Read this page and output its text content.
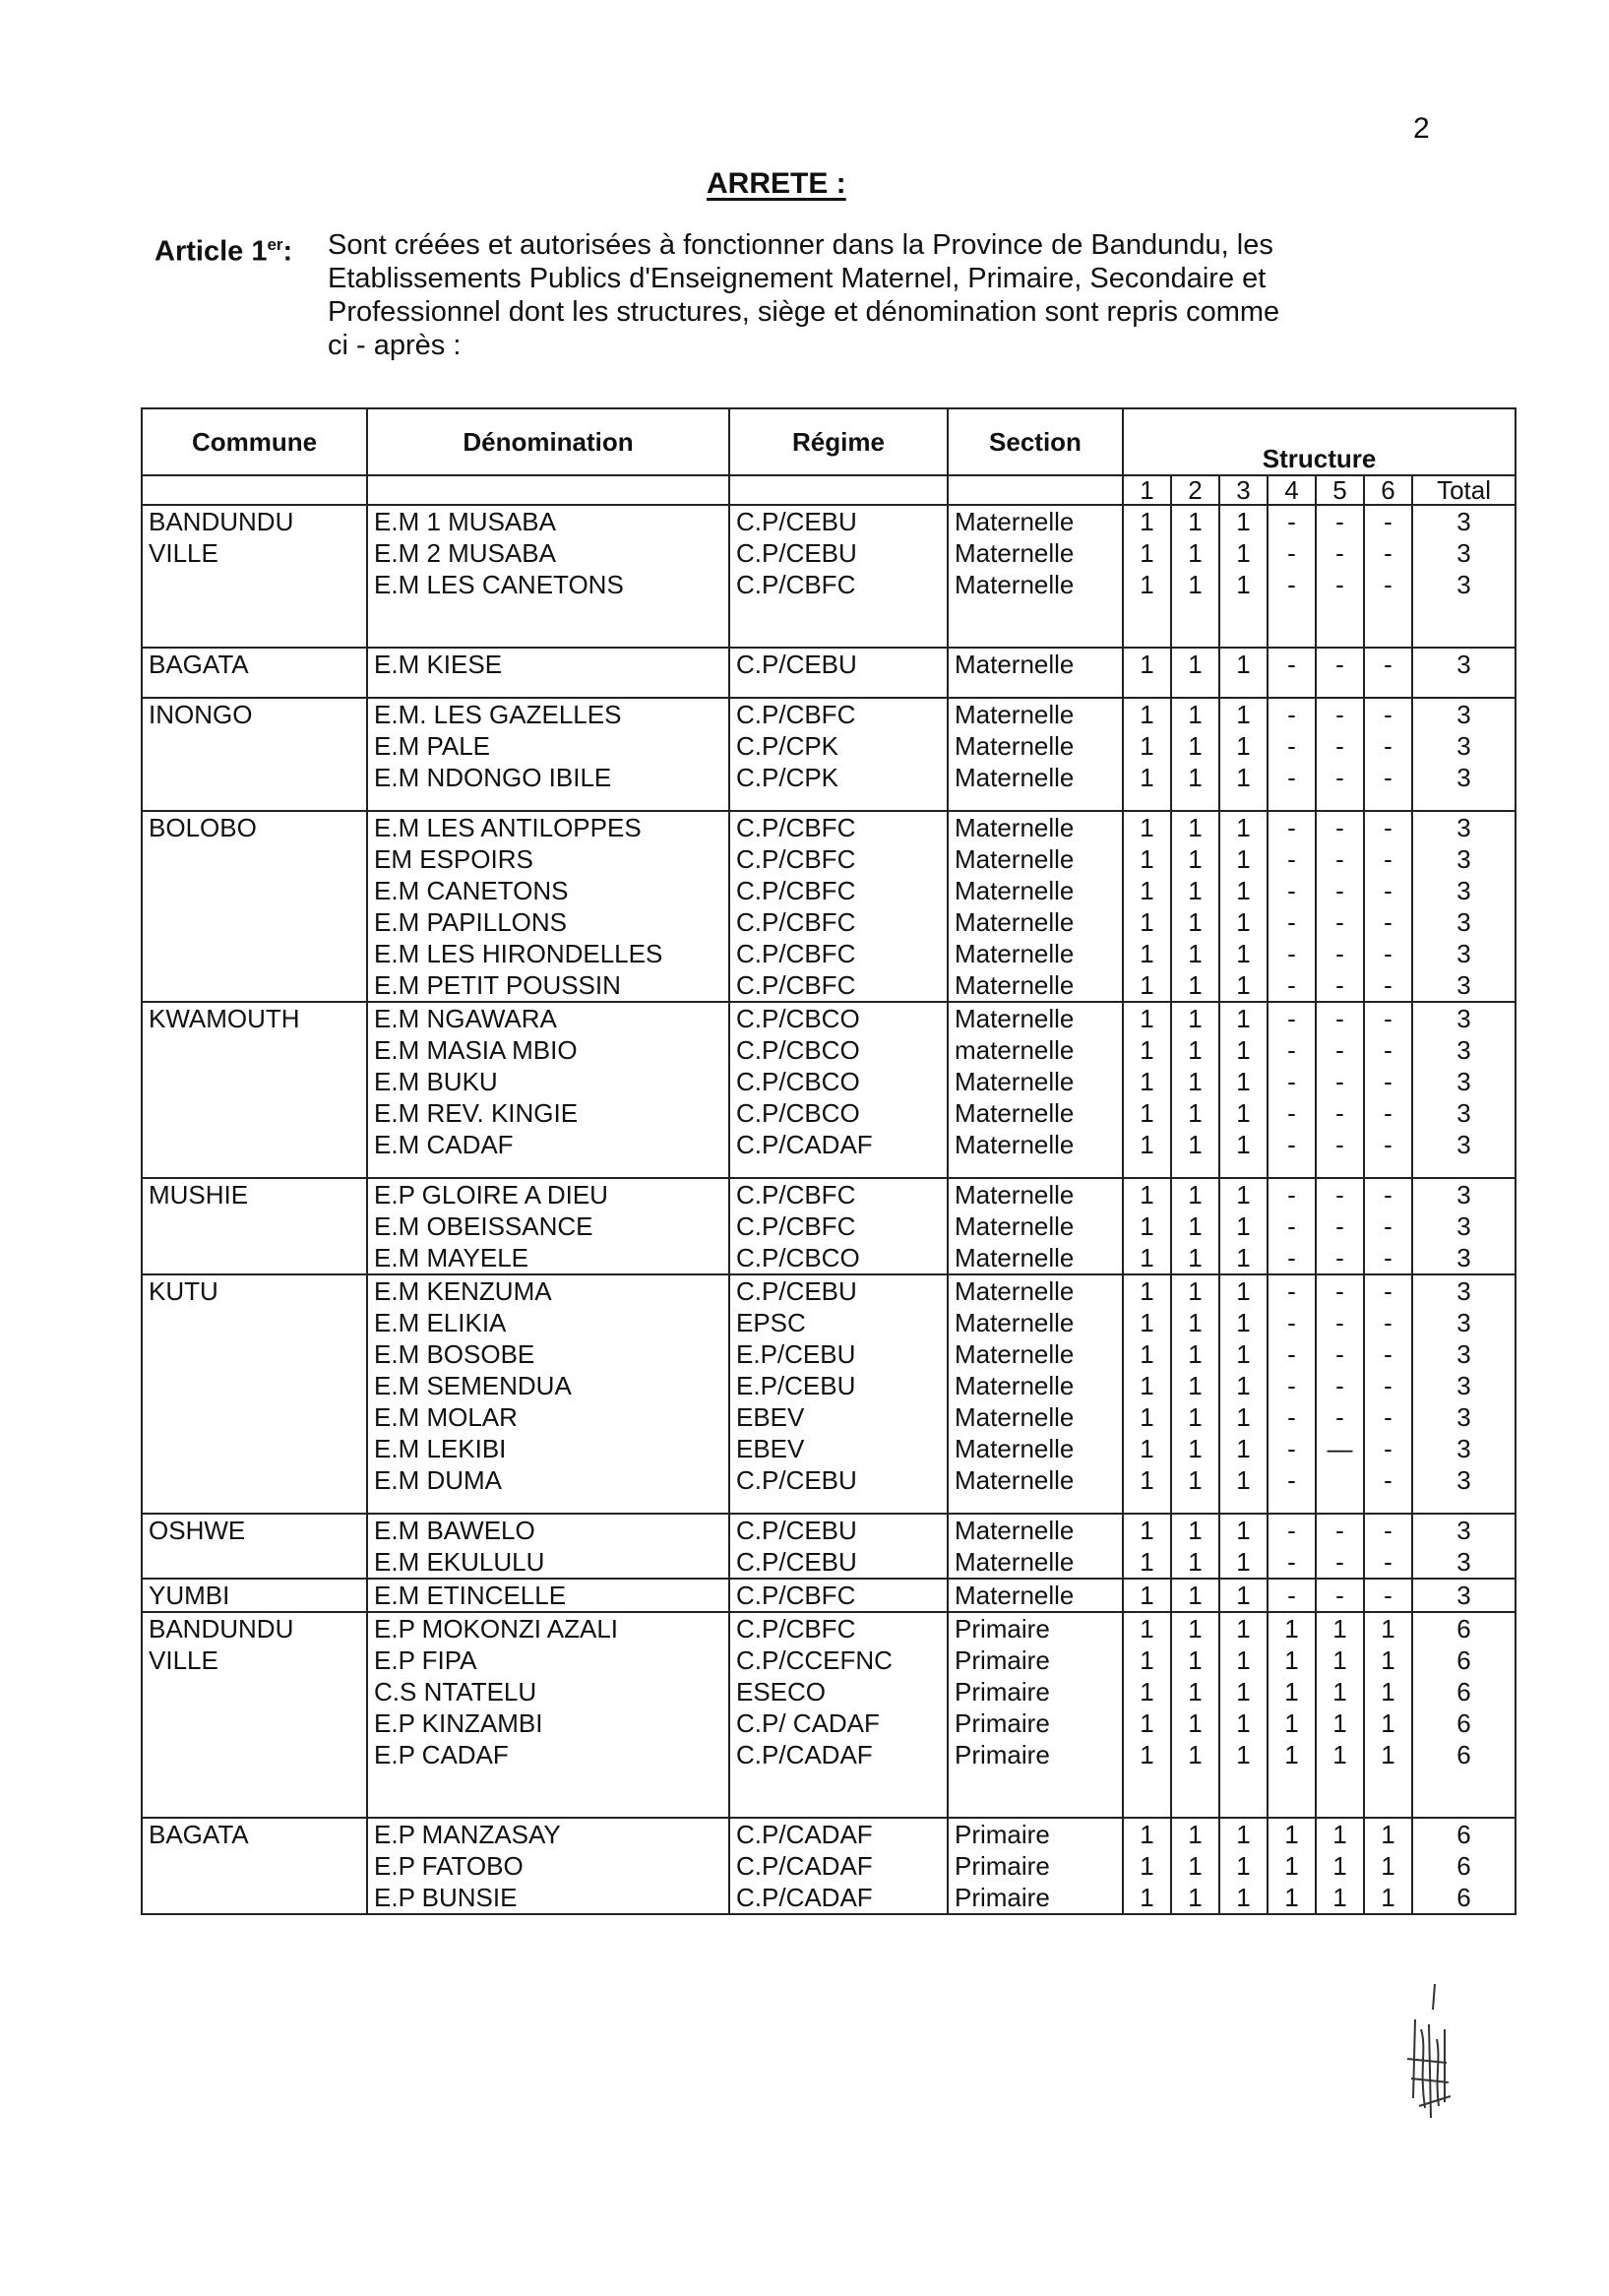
2
ARRETE :
Article 1er: Sont créées et autorisées à fonctionner dans la Province de Bandundu, les

Etablissements Publics d'Enseignement Maternel, Primaire, Secondaire et

Professionnel dont les structures, siège et dénomination sont repris comme

ci - après :

Commune	Dénomination	Régime	Section	Structure						
				1	2	3	4	5	6	Total

BANDUNDU
VILLE	E.M 1 MUSABA	C.P/CEBU	Maternelle	1	1	1	-	-	-	3
	E.M 2 MUSABA	C.P/CEBU	Maternelle	1	1	1	-	-	-	3
	E.M LES CANETONS	C.P/CBFC	Maternelle	1	1	1	-	-	-	3

BAGATA	E.M KIESE	C.P/CEBU	Maternelle	1	1	1	-	-	-	3

INONGO	E.M. LES GAZELLES	C.P/CBFC	Maternelle	1	1	1	-	-	-	3
	E.M PALE	C.P/CPK	Maternelle	1	1	1	-	-	-	3
	E.M NDONGO IBILE	C.P/CPK	Maternelle	1	1	1	-	-	-	3

BOLOBO	E.M LES ANTILOPPES	C.P/CBFC	Maternelle	1	1	1	-	-	-	3
	EM ESPOIRS	C.P/CBFC	Maternelle	1	1	1	-	-	-	3
	E.M CANETONS	C.P/CBFC	Maternelle	1	1	1	-	-	-	3
	E.M PAPILLONS	C.P/CBFC	Maternelle	1	1	1	-	-	-	3
	E.M LES HIRONDELLES	C.P/CBFC	Maternelle	1	1	1	-	-	-	3
	E.M PETIT POUSSIN	C.P/CBFC	Maternelle	1	1	1	-	-	-	3

KWAMOUTH	E.M NGAWARA	C.P/CBCO	Maternelle	1	1	1	-	-	-	3
	E.M MASIA MBIO	C.P/CBCO	maternelle	1	1	1	-	-	-	3
	E.M BUKU	C.P/CBCO	Maternelle	1	1	1	-	-	-	3
	E.M REV. KINGIE	C.P/CBCO	Maternelle	1	1	1	-	-	-	3
	E.M CADAF	C.P/CADAF	Maternelle	1	1	1	-	-	-	3

MUSHIE	E.P GLOIRE A DIEU	C.P/CBFC	Maternelle	1	1	1	-	-	-	3
	E.M OBEISSANCE	C.P/CBFC	Maternelle	1	1	1	-	-	-	3
	E.M MAYELE	C.P/CBCO	Maternelle	1	1	1	-	-	-	3

KUTU	E.M KENZUMA	C.P/CEBU	Maternelle	1	1	1	-	-	-	3
	E.M ELIKIA	EPSC	Maternelle	1	1	1	-	-	-	3
	E.M BOSOBE	E.P/CEBU	Maternelle	1	1	1	-	-	-	3
	E.M SEMENDUA	E.P/CEBU	Maternelle	1	1	1	-	-	-	3
	E.M MOLAR	EBEV	Maternelle	1	1	1	-	-	-	3
	E.M LEKIBI	EBEV	Maternelle	1	1	1	-	—	-	3
	E.M DUMA	C.P/CEBU	Maternelle	1	1	1	-		-	3

OSHWE	E.M BAWELO	C.P/CEBU	Maternelle	1	1	1	-	-	-	3
	E.M EKULULU	C.P/CEBU	Maternelle	1	1	1	-	-	-	3

YUMBI	E.M ETINCELLE	C.P/CBFC	Maternelle	1	1	1	-	-	-	3

BANDUNDU
VILLE	E.P MOKONZI AZALI	C.P/CBFC	Primaire	1	1	1	1	1	1	6
	E.P FIPA	C.P/CCEFNC	Primaire	1	1	1	1	1	1	6
	C.S NTATELU	ESECO	Primaire	1	1	1	1	1	1	6
	E.P KINZAMBI	C.P/ CADAF	Primaire	1	1	1	1	1	1	6
	E.P CADAF	C.P/CADAF	Primaire	1	1	1	1	1	1	6

BAGATA	E.P MANZASAY	C.P/CADAF	Primaire	1	1	1	1	1	1	6
	E.P FATOBO	C.P/CADAF	Primaire	1	1	1	1	1	1	6
	E.P BUNSIE	C.P/CADAF	Primaire	1	1	1	1	1	1	6
